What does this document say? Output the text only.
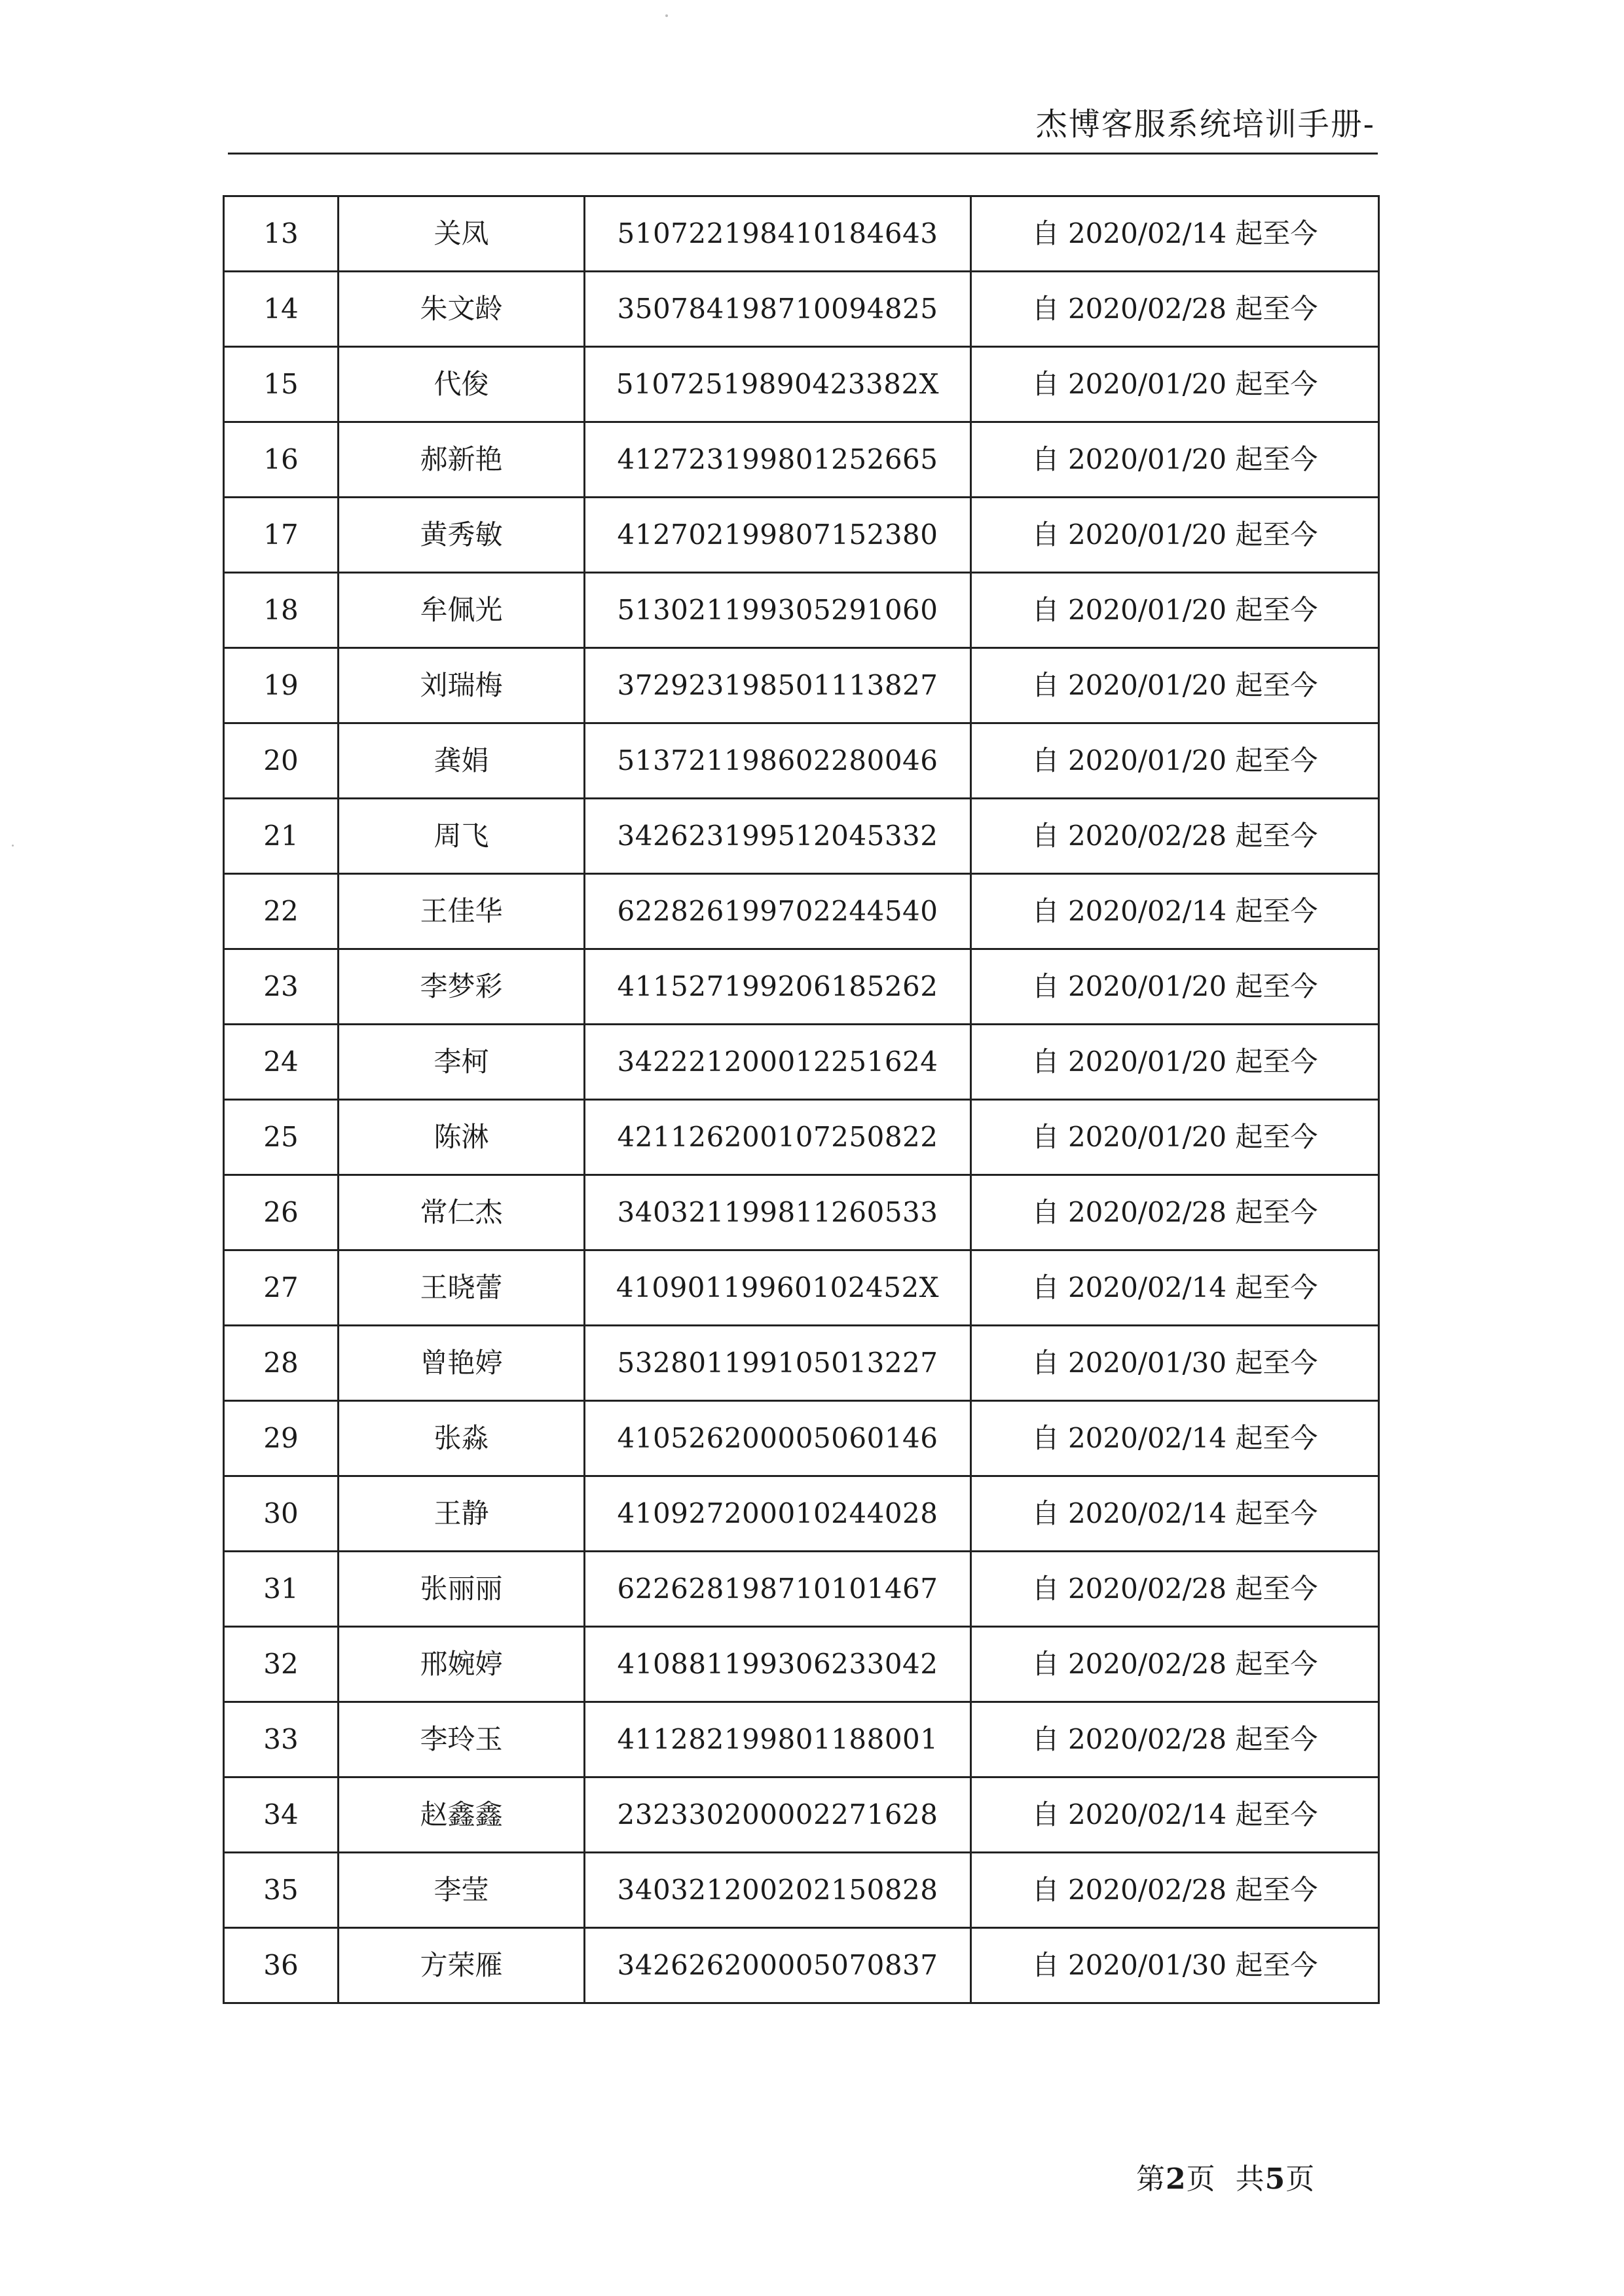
杰博客服系统培训手册-
13	关凤	510722198410184643	自 2020/02/14 起至今
14	朱文龄	350784198710094825	自 2020/02/28 起至今
15	代俊	51072519890423382X	自 2020/01/20 起至今
16	郝新艳	412723199801252665	自 2020/01/20 起至今
17	黄秀敏	412702199807152380	自 2020/01/20 起至今
18	牟佩光	513021199305291060	自 2020/01/20 起至今
19	刘瑞梅	372923198501113827	自 2020/01/20 起至今
20	龚娟	513721198602280046	自 2020/01/20 起至今
21	周飞	342623199512045332	自 2020/02/28 起至今
22	王佳华	622826199702244540	自 2020/02/14 起至今
23	李梦彩	411527199206185262	自 2020/01/20 起至今
24	李柯	342221200012251624	自 2020/01/20 起至今
25	陈淋	421126200107250822	自 2020/01/20 起至今
26	常仁杰	340321199811260533	自 2020/02/28 起至今
27	王晓蕾	41090119960102452X	自 2020/02/14 起至今
28	曾艳婷	532801199105013227	自 2020/01/30 起至今
29	张淼	410526200005060146	自 2020/02/14 起至今
30	王静	410927200010244028	自 2020/02/14 起至今
31	张丽丽	622628198710101467	自 2020/02/28 起至今
32	邢婉婷	410881199306233042	自 2020/02/28 起至今
33	李玲玉	411282199801188001	自 2020/02/28 起至今
34	赵鑫鑫	232330200002271628	自 2020/02/14 起至今
35	李莹	340321200202150828	自 2020/02/28 起至今
36	方荣雁	342626200005070837	自 2020/01/30 起至今
第2页  共5页
